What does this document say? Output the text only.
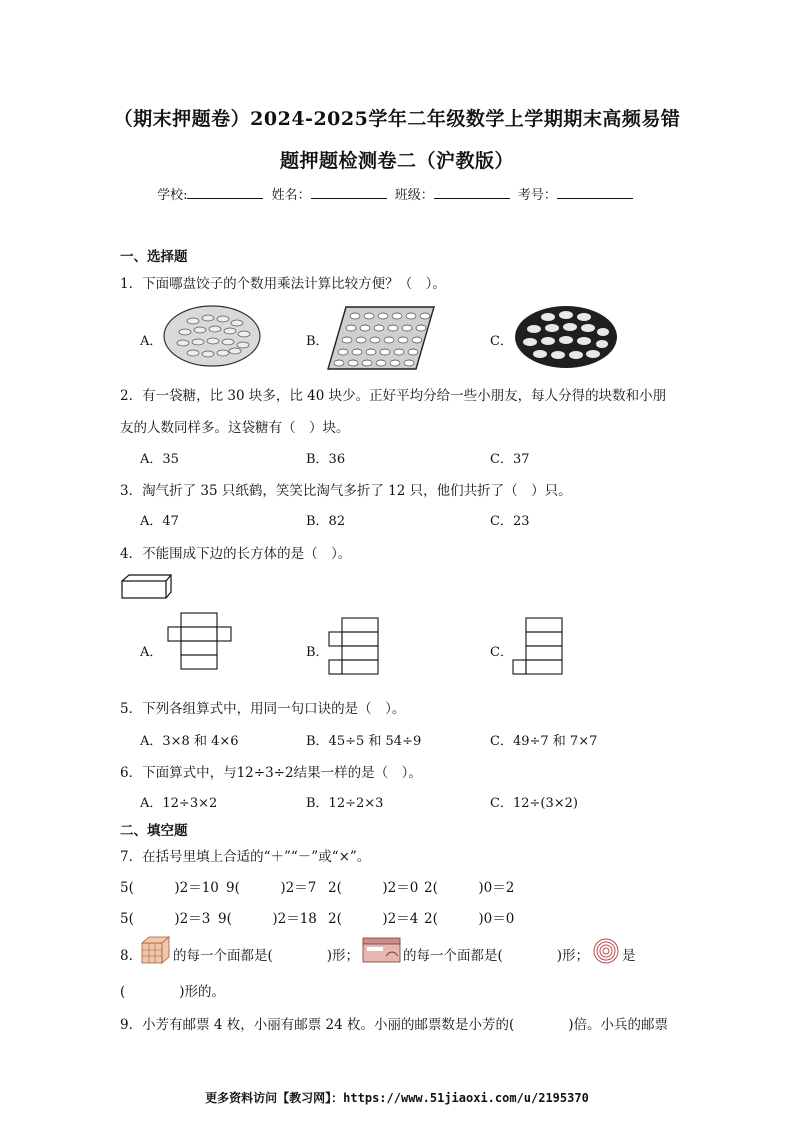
（期末押题卷）2024-2025学年二年级数学上学期期末高频易错
题押题检测卷二（沪教版）
学校:	姓名：	班级：	考号：
一、选择题
1．下面哪盘饺子的个数用乘法计算比较方便？（　）。
A．	B．	C．
2．有一袋糖，比 30 块多，比 40 块少。正好平均分给一些小朋友，每人分得的块数和小朋
友的人数同样多。这袋糖有（　）块。
A．35	B．36	C．37
3．淘气折了 35 只纸鹤，笑笑比淘气多折了 12 只，他们共折了（　）只。
A．47	B．82	C．23
4．不能围成下边的长方体的是（　）。
A．	B．	C．
5．下列各组算式中，用同一句口诀的是（　）。
A．3×8 和 4×6	B．45÷5 和 54÷9	C．49÷7 和 7×7
6．下面算式中，与12÷3÷2结果一样的是（　）。
A．12÷3×2	B．12÷2×3	C．12÷(3×2)
二、填空题
7．在括号里填上合适的“＋”“－”或“×”。
5(　　　)2＝10 9(　　　)2＝7 2(　　　)2＝0 2(　　　)0＝2
5(　　　)2＝3 9(　　　)2＝18 2(　　　)2＝4 2(　　　)0＝0
8． 的每一个面都是(　　　　)形；	的每一个面都是(　　　　)形； 是
(　　　　)形的。
9．小芳有邮票 4 枚，小丽有邮票 24 枚。小丽的邮票数是小芳的(　　　　)倍。小兵的邮票
更多资料访问【教习网】：https://www.51jiaoxi.com/u/2195370
